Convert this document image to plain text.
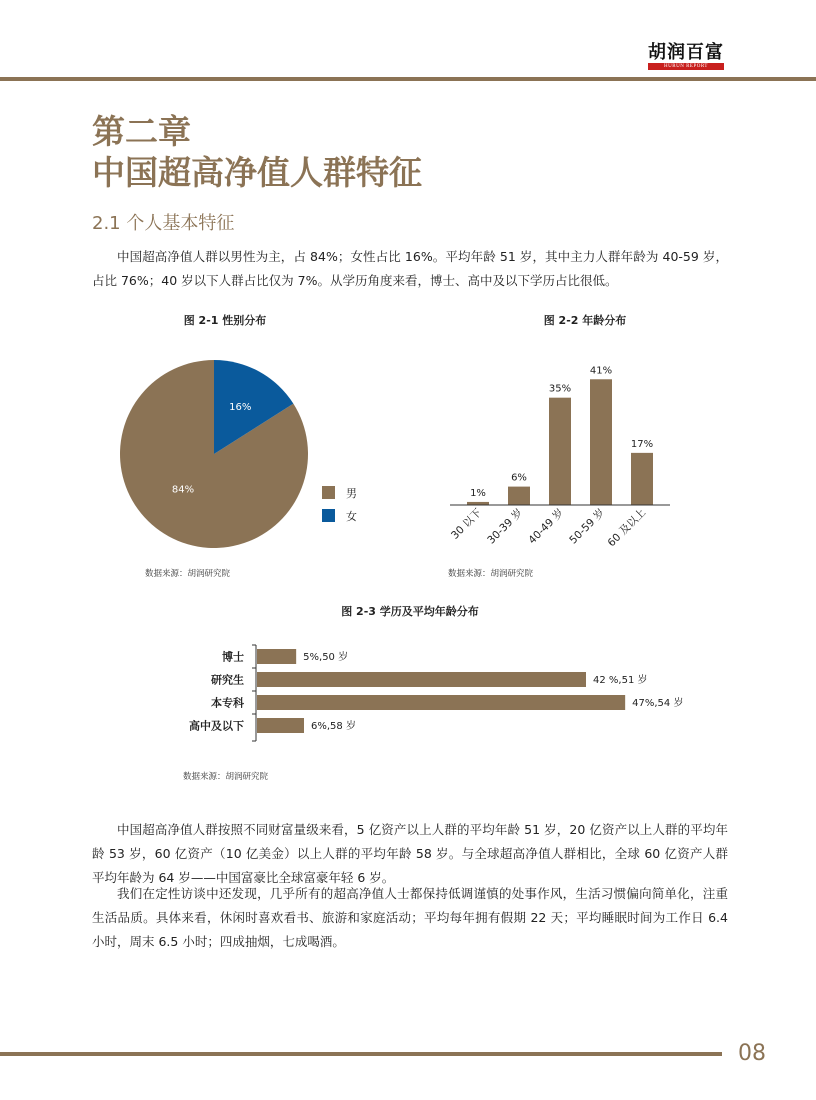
胡润百富
HURUN REPORT
第二章
中国超高净值人群特征
2.1 个人基本特征
中国超高净值人群以男性为主，占 84%；女性占比 16%。平均年龄 51 岁，其中主力人群年龄为 40-59 岁，占比 76%；40 岁以下人群占比仅为 7%。从学历角度来看，博士、高中及以下学历占比很低。
图 2-1 性别分布
84%
16%
男
女
数据来源：胡润研究院
图 2-2 年龄分布
1%
6%
35%
41%
17%
30 以下 30-39 岁 40-49 岁 50-59 岁
60 及以上
数据来源：胡润研究院
图 2-3 学历及平均年龄分布
博士
研究生
本专科
高中及以下
5%,50 岁
42 %,51 岁
47%,54 岁
6%,58 岁
数据来源：胡润研究院
中国超高净值人群按照不同财富量级来看，5 亿资产以上人群的平均年龄 51 岁，20 亿资产以上人群的平均年龄 53 岁，60 亿资产（10 亿美金）以上人群的平均年龄 58 岁。与全球超高净值人群相比，全球 60 亿资产人群平均年龄为 64 岁——中国富豪比全球富豪年轻 6 岁。
我们在定性访谈中还发现，几乎所有的超高净值人士都保持低调谨慎的处事作风，生活习惯偏向简单化，注重生活品质。具体来看，休闲时喜欢看书、旅游和家庭活动；平均每年拥有假期 22 天；平均睡眠时间为工作日 6.4 小时，周末 6.5 小时；四成抽烟，七成喝酒。
08
